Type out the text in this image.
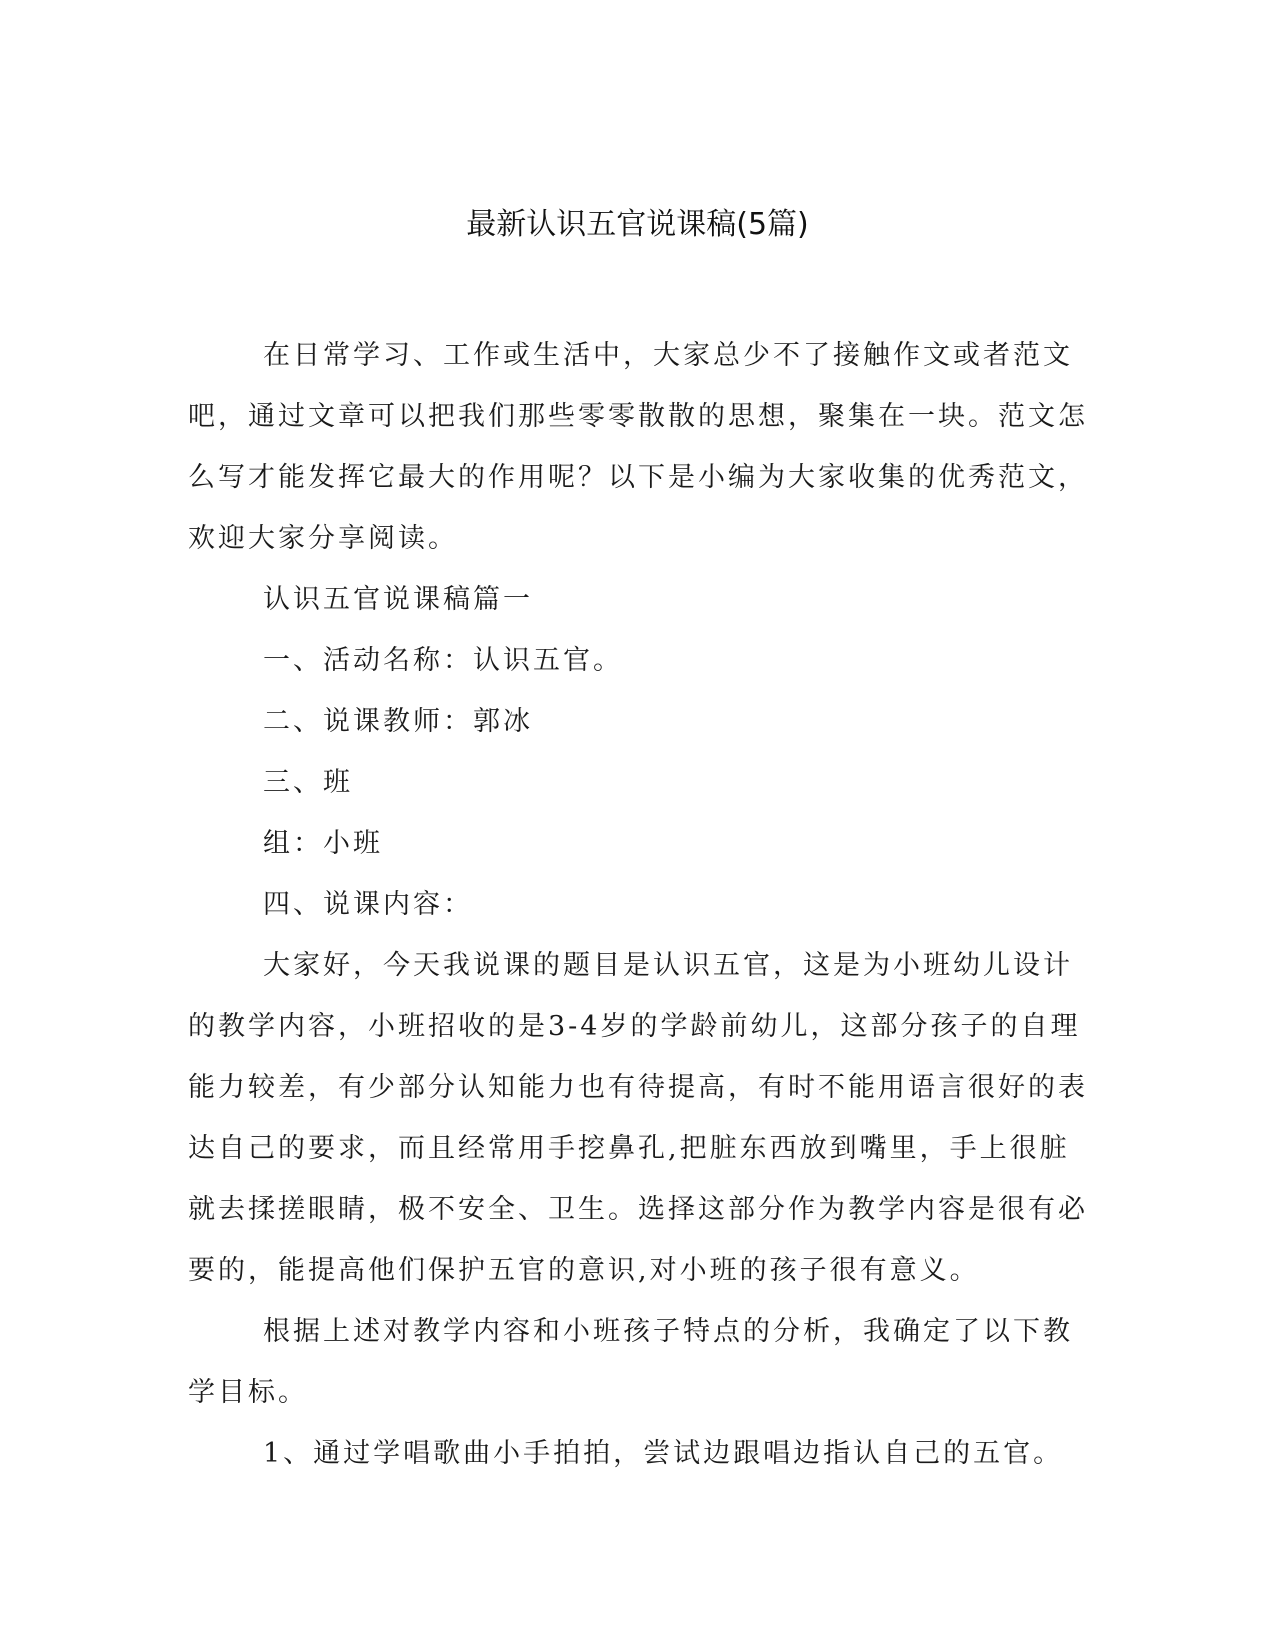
最新认识五官说课稿(5篇)

在日常学习、工作或生活中，大家总少不了接触作文或者范文吧，通过文章可以把我们那些零零散散的思想，聚集在一块。范文怎么写才能发挥它最大的作用呢？以下是小编为大家收集的优秀范文，欢迎大家分享阅读。

认识五官说课稿篇一

一、活动名称：认识五官。

二、说课教师：郭冰

三、班

组：小班

四、说课内容：

大家好，今天我说课的题目是认识五官，这是为小班幼儿设计的教学内容，小班招收的是3-4岁的学龄前幼儿，这部分孩子的自理能力较差，有少部分认知能力也有待提高，有时不能用语言很好的表达自己的要求，而且经常用手挖鼻孔,把脏东西放到嘴里，手上很脏就去揉搓眼睛，极不安全、卫生。选择这部分作为教学内容是很有必要的，能提高他们保护五官的意识,对小班的孩子很有意义。

根据上述对教学内容和小班孩子特点的分析，我确定了以下教学目标。

1、通过学唱歌曲小手拍拍，尝试边跟唱边指认自己的五官。
